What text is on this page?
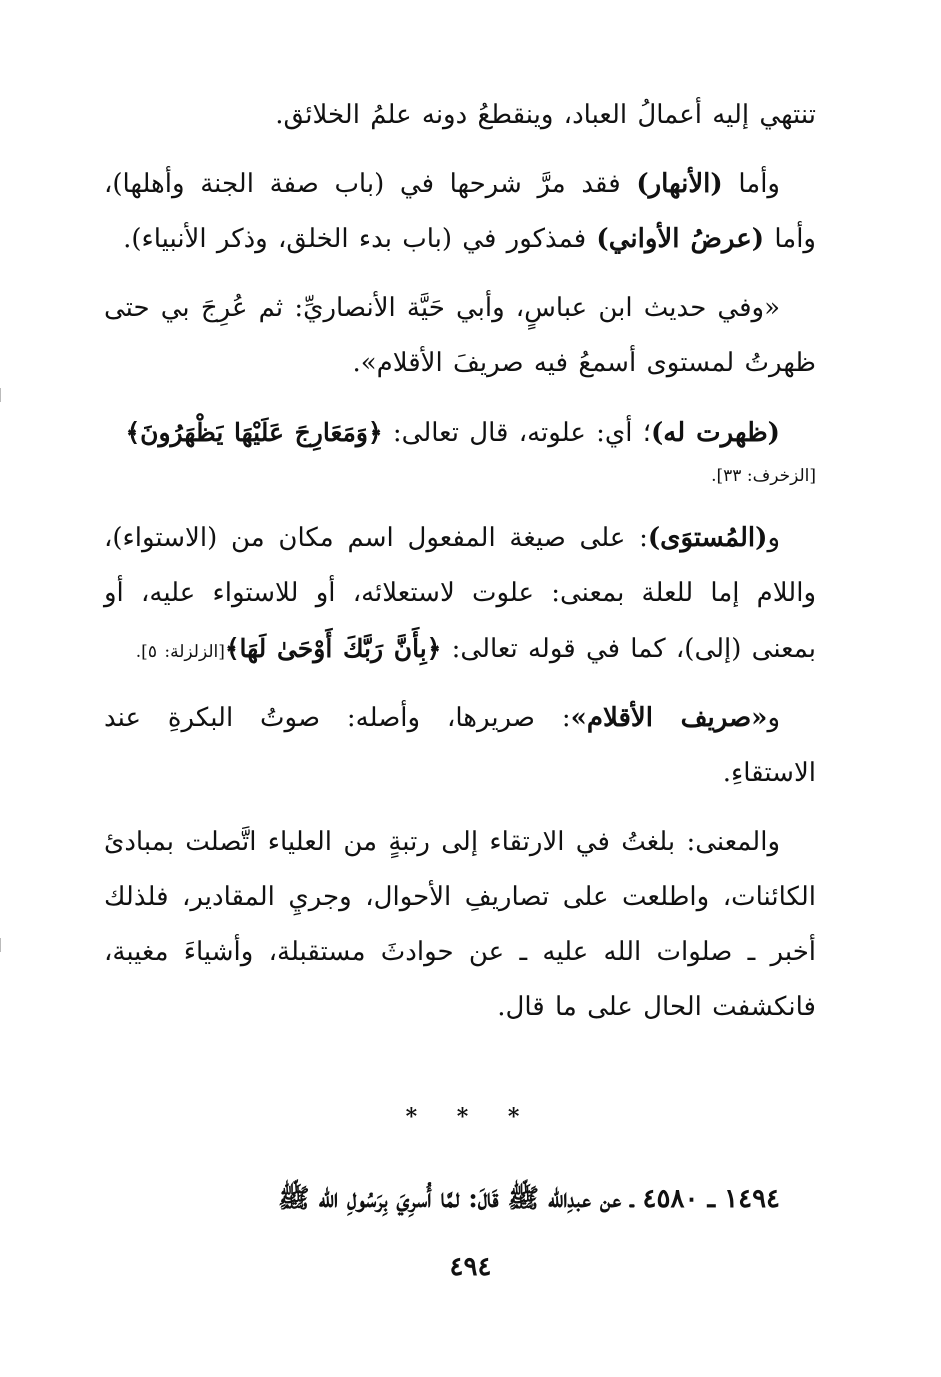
تنتهي إليه أعمالُ العباد، وينقطعُ دونه علمُ الخلائق.

وأما (الأنهار) فقد مرَّ شرحها في (باب صفة الجنة وأهلها)، وأما (عرضُ الأواني) فمذكور في (باب بدء الخلق، وذكر الأنبياء).

«وفي حديث ابن عباسٍ، وأبي حَيَّة الأنصاريِّ: ثم عُرِجَ بي حتى ظهرتُ لمستوى أسمعُ فيه صريفَ الأقلام».

(ظهرت له)؛ أي: علوته، قال تعالى: ﴿وَمَعَارِجَ عَلَيْهَا يَظْهَرُونَ﴾

[الزخرف: ٣٣].

و(المُستوَى): على صيغة المفعول اسم مكان من (الاستواء)، واللام إما للعلة بمعنى: علوت لاستعلائه، أو للاستواء عليه، أو بمعنى (إلى)، كما في قوله تعالى: ﴿بِأَنَّ رَبَّكَ أَوْحَىٰ لَهَا﴾[الزلزلة: ٥].

و«صريف الأقلام»: صريرها، وأصله: صوتُ البكرةِ عند الاستقاءِ.

والمعنى: بلغتُ في الارتقاء إلى رتبةٍ من العلياء اتَّصلت بمبادئ الكائنات، واطلعت على تصاريفِ الأحوال، وجريِ المقادير، فلذلك أخبر ـ صلوات الله عليه ـ عن حوادثَ مستقبلة، وأشياءَ مغيبة، فانكشفت الحال على ما قال.

* * *
١٤٩٤ ـ ٤٥٨٠ ـ عن عبدِالله ﷺ قَالَ: لمَّا أُسرِيَ بِرَسُولِ الله ﷺ
٤٩٤
